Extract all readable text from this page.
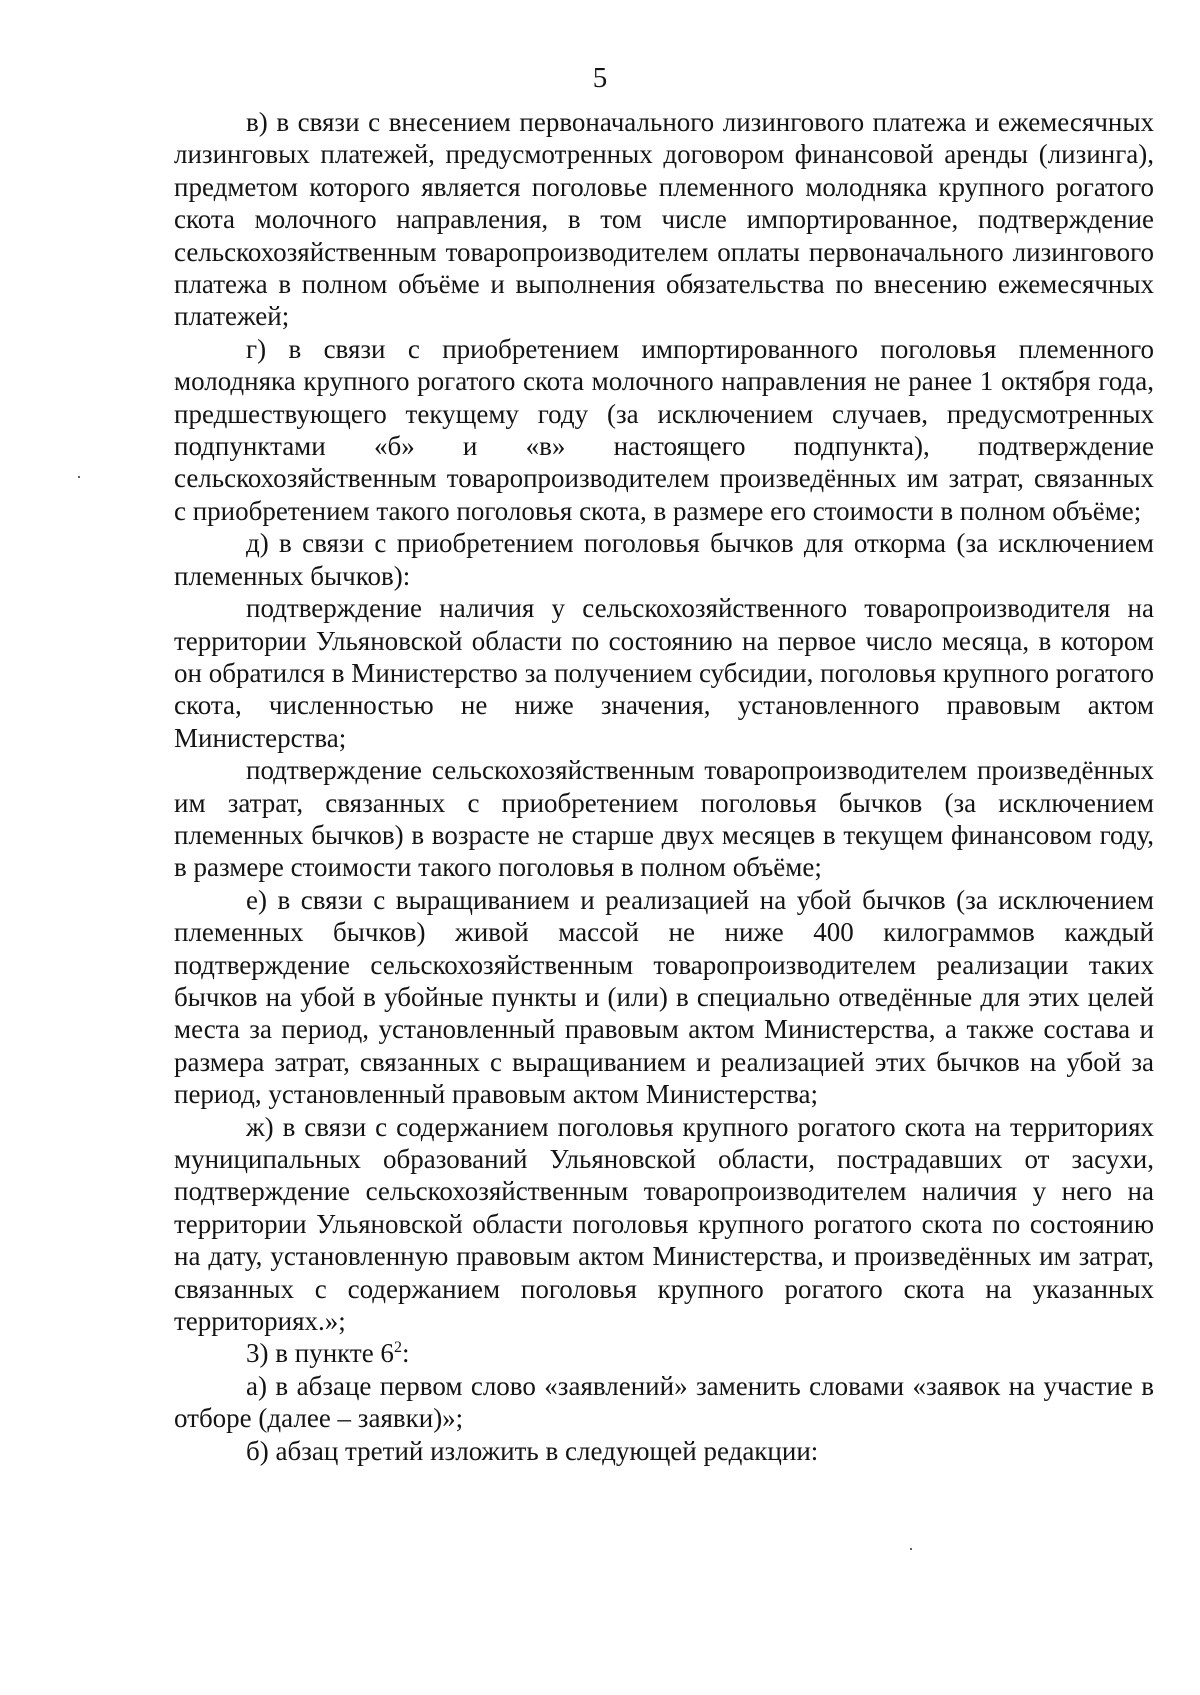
5

в) в связи с внесением первоначального лизингового платежа и ежемесячных лизинговых платежей, предусмотренных договором финансовой аренды (лизинга), предметом которого является поголовье племенного молодняка крупного рогатого скота молочного направления, в том числе импортированное, подтверждение сельскохозяйственным товаропроизводителем оплаты первоначального лизингового платежа в полном объёме и выполнения обязательства по внесению ежемесячных платежей;

г) в связи с приобретением импортированного поголовья племенного молодняка крупного рогатого скота молочного направления не ранее 1 октября года, предшествующего текущему году (за исключением случаев, предусмотренных подпунктами «б» и «в» настоящего подпункта), подтверждение сельскохозяйственным товаропроизводителем произведённых им затрат, связанных с приобретением такого поголовья скота, в размере его стоимости в полном объёме;

д) в связи с приобретением поголовья бычков для откорма (за исключением племенных бычков):

подтверждение наличия у сельскохозяйственного товаропроизводителя на территории Ульяновской области по состоянию на первое число месяца, в котором он обратился в Министерство за получением субсидии, поголовья крупного рогатого скота, численностью не ниже значения, установленного правовым актом Министерства;

подтверждение сельскохозяйственным товаропроизводителем произведённых им затрат, связанных с приобретением поголовья бычков (за исключением племенных бычков) в возрасте не старше двух месяцев в текущем финансовом году, в размере стоимости такого поголовья в полном объёме;

е) в связи с выращиванием и реализацией на убой бычков (за исключением племенных бычков) живой массой не ниже 400 килограммов каждый подтверждение сельскохозяйственным товаропроизводителем реализации таких бычков на убой в убойные пункты и (или) в специально отведённые для этих целей места за период, установленный правовым актом Министерства, а также состава и размера затрат, связанных с выращиванием и реализацией этих бычков на убой за период, установленный правовым актом Министерства;

ж) в связи с содержанием поголовья крупного рогатого скота на территориях муниципальных образований Ульяновской области, пострадавших от засухи, подтверждение сельскохозяйственным товаропроизводителем наличия у него на территории Ульяновской области поголовья крупного рогатого скота по состоянию на дату, установленную правовым актом Министерства, и произведённых им затрат, связанных с содержанием поголовья крупного рогатого скота на указанных территориях.»;

3) в пункте $6^2$:

а) в абзаце первом слово «заявлений» заменить словами «заявок на участие в отборе (далее – заявки)»;

б) абзац третий изложить в следующей редакции:
